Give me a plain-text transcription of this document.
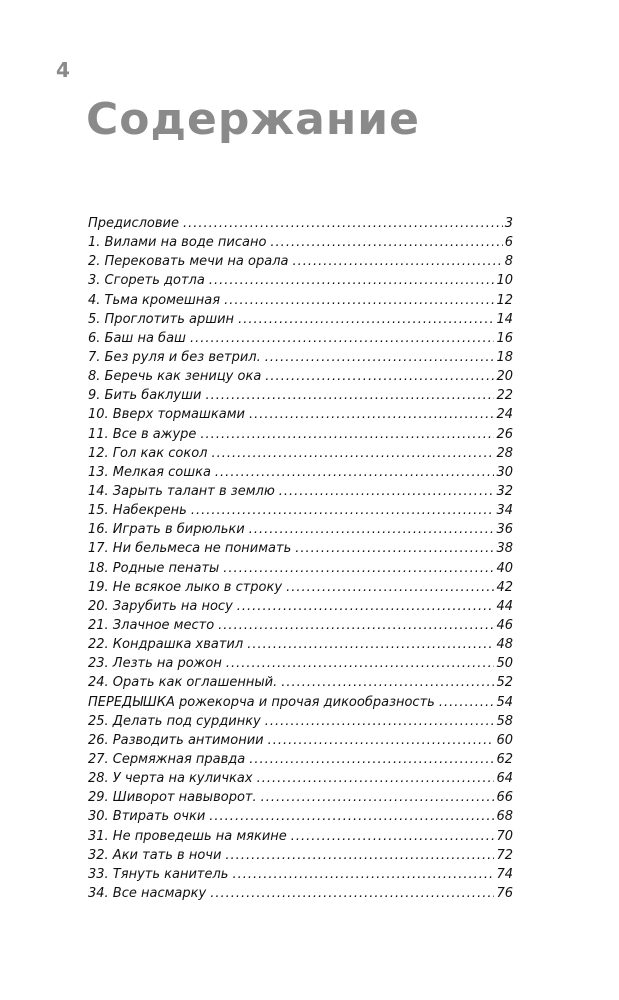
4
Содержание
Предисловие .....	3
1. Вилами на воде писано .....	6
2. Перековать мечи на орала .....	8
3. Сгореть дотла .....	10
4. Тьма кромешная .....	12
5. Проглотить аршин .....	14
6. Баш на баш .....	16
7. Без руля и без ветрил. .....	18
8. Беречь как зеницу ока .....	20
9. Бить баклуши .....	22
10. Вверх тормашками .....	24
11. Все в ажуре .....	26
12. Гол как сокол .....	28
13. Мелкая сошка .....	30
14. Зарыть талант в землю .....	32
15. Набекрень .....	34
16. Играть в бирюльки .....	36
17. Ни бельмеса не понимать .....	38
18. Родные пенаты .....	40
19. Не всякое лыко в строку .....	42
20. Зарубить на носу .....	44
21. Злачное место .....	46
22. Кондрашка хватил .....	48
23. Лезть на рожон .....	50
24. Орать как оглашенный. .....	52
ПЕРЕДЫШКА рожекорча и прочая дикообразность .....	54
25. Делать под сурдинку .....	58
26. Разводить антимонии .....	60
27. Сермяжная правда .....	62
28. У черта на куличках .....	64
29. Шиворот навыворот. .....	66
30. Втирать очки .....	68
31. Не проведешь на мякине .....	70
32. Аки тать в ночи .....	72
33. Тянуть канитель .....	74
34. Все насмарку .....	76
